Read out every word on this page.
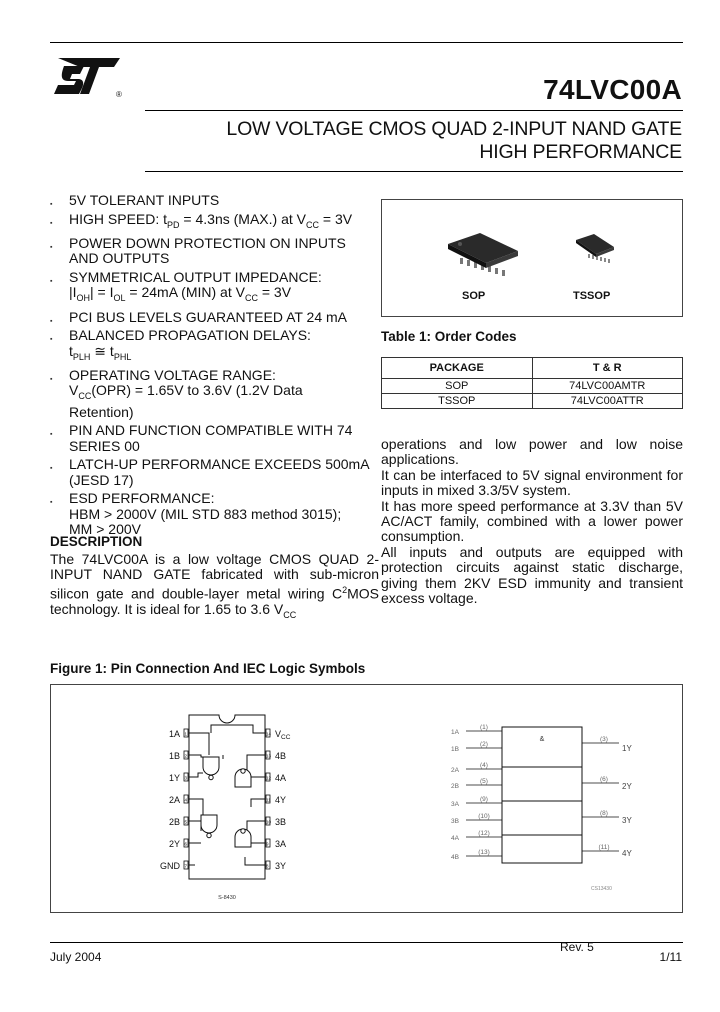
®	74LVC00A
LOW VOLTAGE CMOS QUAD 2-INPUT NAND GATE
HIGH PERFORMANCE
▪ 5V TOLERANT INPUTS
▪ HIGH SPEED: $t_{PD} = 4.3ns$ (MAX.) at $V_{CC} = 3V$
▪ POWER DOWN PROTECTION ON INPUTS AND OUTPUTS
▪ SYMMETRICAL OUTPUT IMPEDANCE:
$|I_{OH}| = I_{OL} = 24mA$ (MIN) at $V_{CC} = 3V$
▪ PCI BUS LEVELS GUARANTEED AT 24 mA
▪ BALANCED PROPAGATION DELAYS:
$t_{PLH}$ ≅ $t_{PHL}$
▪ OPERATING VOLTAGE RANGE:
$V_{CC}(OPR) = 1.65V$ to 3.6V (1.2V Data Retention)
▪ PIN AND FUNCTION COMPATIBLE WITH 74 SERIES 00
▪ LATCH-UP PERFORMANCE EXCEEDS 500mA (JESD 17)
▪ ESD PERFORMANCE:
HBM > 2000V (MIL STD 883 method 3015);
MM > 200V
SOP	TSSOP
Table 1: Order Codes
PACKAGE	T & R
SOP	74LVC00AMTR
TSSOP	74LVC00ATTR
DESCRIPTION
The 74LVC00A is a low voltage CMOS QUAD 2-INPUT NAND GATE fabricated with sub-micron silicon gate and double-layer metal wiring $C^2MOS$ technology. It is ideal for 1.65 to 3.6 $V_{CC}$

operations and low power and low noise applications.

It can be interfaced to 5V signal environment for inputs in mixed 3.3/5V system.

It has more speed performance at 3.3V than 5V AC/ACT family, combined with a lower power consumption.

All inputs and outputs are equipped with protection circuits against static discharge, giving them 2KV ESD immunity and transient excess voltage.

Figure 1: Pin Connection And IEC Logic Symbols
1
2
3
4
5
6
7
14
13
12
11
10
9
8
1A
1B
1Y
2A
2B
2Y
GND
$V_{CC}$
4B
4A
4Y
3B
3A
3Y
S-8430
&
1A
1B
2A
2B
3A
3B
4A
4B
(1)
(2)
(4)
(5)
(9)
(10)
(12)
(13)
(3)
(6)
(8)
(11)
1Y
2Y
3Y
4Y
CS13430
July 2004
Rev. 5
1/11
